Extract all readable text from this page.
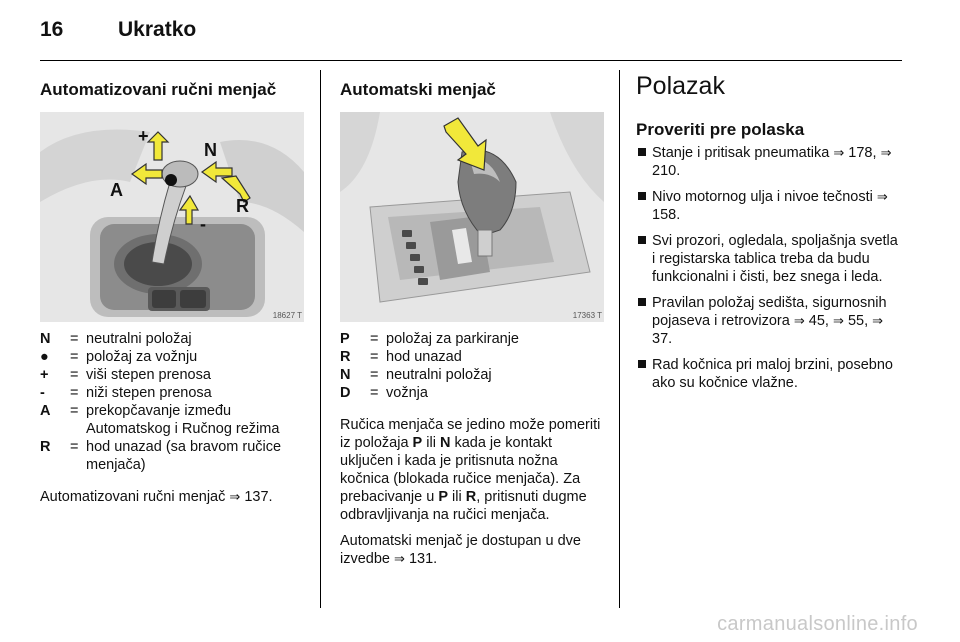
16	Ukratko
Automatizovani ručni menjač
+
-
N
A
R
18627 T
N	= neutralni položaj
●	= položaj za vožnju
+	= viši stepen prenosa
-	= niži stepen prenosa
A	= prekopčavanje između Automatskog i Ručnog režima
R	= hod unazad (sa bravom ručice menjača)

Automatizovani ručni menjač ⇒ 137.

Automatski menjač
17363 T
P	= položaj za parkiranje
R	= hod unazad
N	= neutralni položaj
D	= vožnja

Ručica menjača se jedino može pomeriti iz položaja P ili N kada je kontakt uključen i kada je pritisnuta nožna kočnica (blokada ručice menjača). Za prebacivanje u P ili R, pritisnuti dugme odbravljivanja na ručici menjača.

Automatski menjač je dostupan u dve izvedbe ⇒ 131.

Polazak
Proveriti pre polaska
Stanje i pritisak pneumatika ⇒ 178, ⇒ 210.
Nivo motornog ulja i nivoe tečnosti ⇒ 158.
Svi prozori, ogledala, spoljašnja svetla i registarska tablica treba da budu funkcionalni i čisti, bez snega i leda.
Pravilan položaj sedišta, sigurnosnih pojaseva i retrovizora ⇒ 45, ⇒ 55, ⇒ 37.
Rad kočnica pri maloj brzini, posebno ako su kočnice vlažne.
carmanualsonline.info
